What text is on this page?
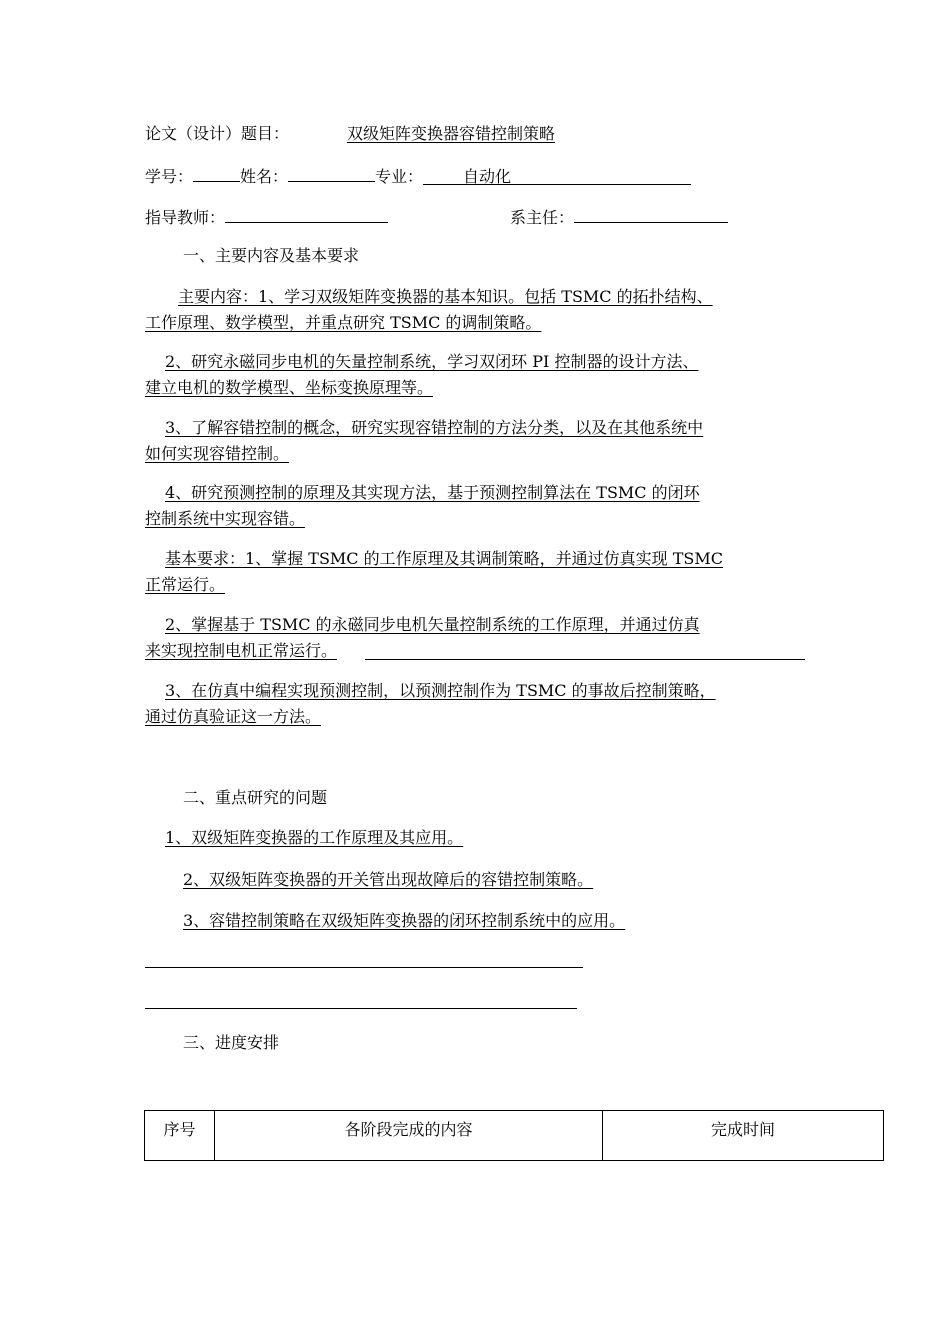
论文（设计）题目：	双级矩阵变换器容错控制策略
学号：	姓名：	专业：	自动化
指导教师：	系主任：
一、主要内容及基本要求
主要内容：1、学习双级矩阵变换器的基本知识。包括 TSMC 的拓扑结构、
工作原理、数学模型，并重点研究 TSMC 的调制策略。
2、研究永磁同步电机的矢量控制系统，学习双闭环 PI 控制器的设计方法、
建立电机的数学模型、坐标变换原理等。
3、了解容错控制的概念，研究实现容错控制的方法分类，以及在其他系统中
如何实现容错控制。
4、研究预测控制的原理及其实现方法，基于预测控制算法在 TSMC 的闭环
控制系统中实现容错。
基本要求：1、掌握 TSMC 的工作原理及其调制策略，并通过仿真实现 TSMC
正常运行。
2、掌握基于 TSMC 的永磁同步电机矢量控制系统的工作原理，并通过仿真
来实现控制电机正常运行。
3、在仿真中编程实现预测控制，以预测控制作为 TSMC 的事故后控制策略，
通过仿真验证这一方法。
二、重点研究的问题
1、双级矩阵变换器的工作原理及其应用。
2、双级矩阵变换器的开关管出现故障后的容错控制策略。
3、容错控制策略在双级矩阵变换器的闭环控制系统中的应用。
三、进度安排
序号	各阶段完成的内容	完成时间
